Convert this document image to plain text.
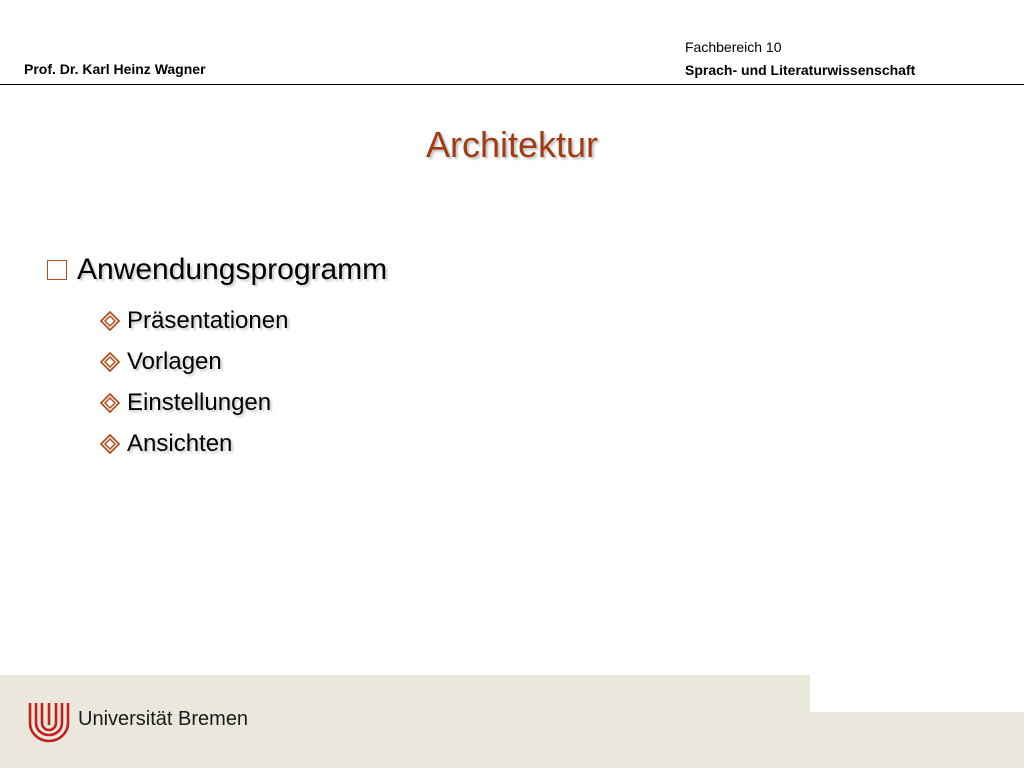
Prof. Dr. Karl Heinz Wagner
Fachbereich 10
Sprach- und Literaturwissenschaft
Architektur
Anwendungsprogramm
Präsentationen
Vorlagen
Einstellungen
Ansichten
Universität Bremen
